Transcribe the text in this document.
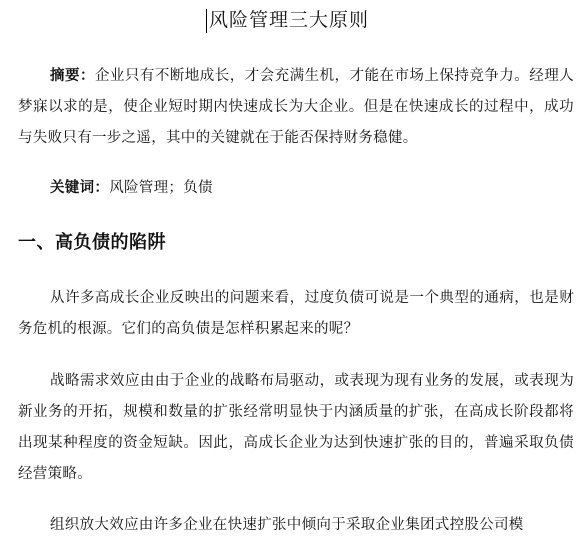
风险管理三大原则
摘要：企业只有不断地成长，才会充满生机，才能在市场上保持竞争力。经理人梦寐以求的是，使企业短时期内快速成长为大企业。但是在快速成长的过程中，成功与失败只有一步之遥，其中的关键就在于能否保持财务稳健。
关键词：风险管理；负债
一、高负债的陷阱
从许多高成长企业反映出的问题来看，过度负债可说是一个典型的通病，也是财务危机的根源。它们的高负债是怎样积累起来的呢？
战略需求效应由由于企业的战略布局驱动，或表现为现有业务的发展，或表现为新业务的开拓，规模和数量的扩张经常明显快于内涵质量的扩张，在高成长阶段都将出现某种程度的资金短缺。因此，高成长企业为达到快速扩张的目的，普遍采取负债经营策略。
组织放大效应由许多企业在快速扩张中倾向于采取企业集团式控股公司模
